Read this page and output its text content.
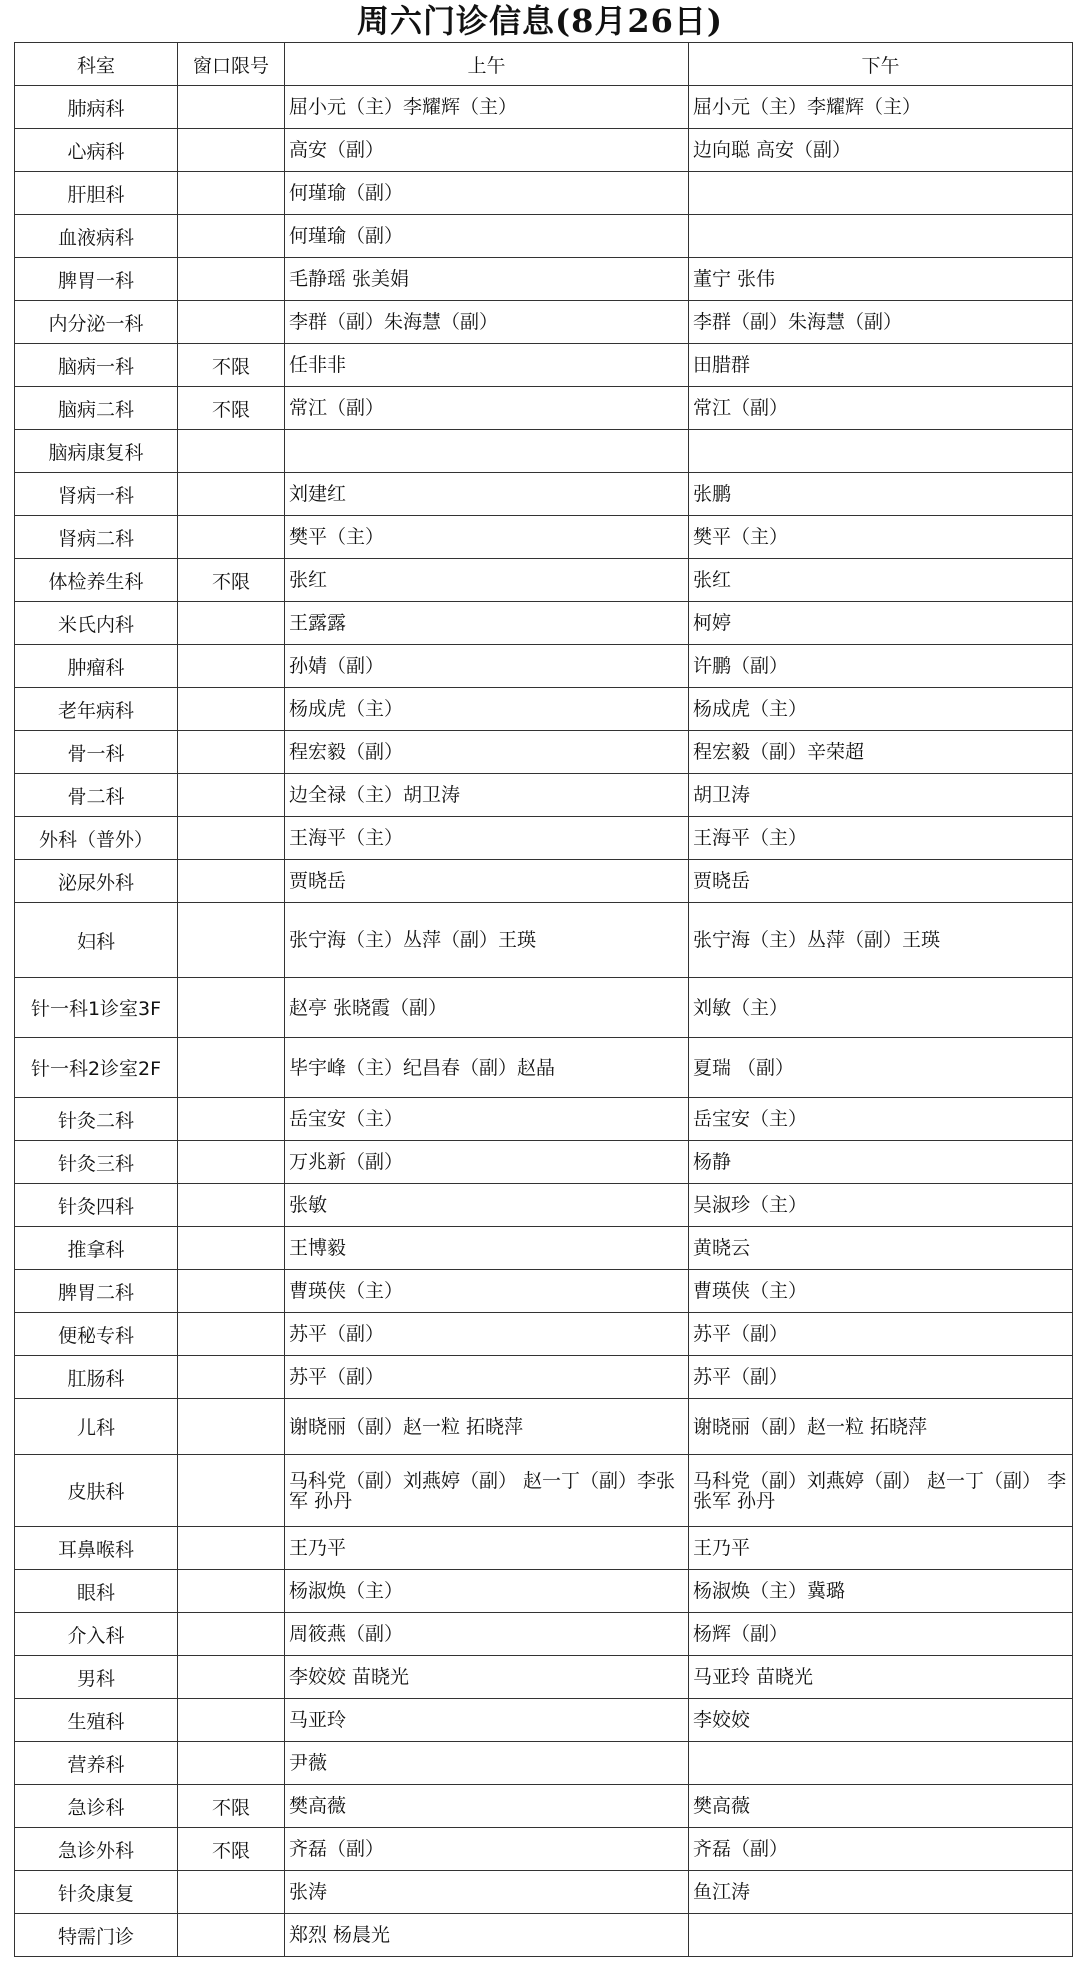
周六门诊信息(8月26日)
科室	窗口限号	上午	下午
肺病科		屈小元（主）李耀辉（主）	屈小元（主）李耀辉（主）
心病科		高安（副）	边向聪 高安（副）
肝胆科		何瑾瑜（副）	
血液病科		何瑾瑜（副）	
脾胃一科		毛静瑶 张美娟	董宁 张伟
内分泌一科		李群（副）朱海慧（副）	李群（副）朱海慧（副）
脑病一科	不限	任非非	田腊群
脑病二科	不限	常江（副）	常江（副）
脑病康复科			
肾病一科		刘建红	张鹏
肾病二科		樊平（主）	樊平（主）
体检养生科	不限	张红	张红
米氏内科		王露露	柯婷
肿瘤科		孙婧（副）	许鹏（副）
老年病科		杨成虎（主）	杨成虎（主）
骨一科		程宏毅（副）	程宏毅（副）辛荣超
骨二科		边全禄（主）胡卫涛	胡卫涛
外科（普外）		王海平（主）	王海平（主）
泌尿外科		贾晓岳	贾晓岳
妇科		张宁海（主）丛萍（副）王瑛	张宁海（主）丛萍（副）王瑛
针一科1诊室3F		赵亭 张晓霞（副）	刘敏（主）
针一科2诊室2F		毕宇峰（主）纪昌春（副）赵晶	夏瑞 （副）
针灸二科		岳宝安（主）	岳宝安（主）
针灸三科		万兆新（副）	杨静
针灸四科		张敏	吴淑珍（主）
推拿科		王博毅	黄晓云
脾胃二科		曹瑛侠（主）	曹瑛侠（主）
便秘专科		苏平（副）	苏平（副）
肛肠科		苏平（副）	苏平（副）
儿科		谢晓丽（副）赵一粒 拓晓萍	谢晓丽（副）赵一粒 拓晓萍
皮肤科		马科党（副）刘燕婷（副） 赵一丁（副）李张军 孙丹	马科党（副）刘燕婷（副） 赵一丁（副） 李张军 孙丹
耳鼻喉科		王乃平	王乃平
眼科		杨淑焕（主）	杨淑焕（主）冀璐
介入科		周筱燕（副）	杨辉（副）
男科		李姣姣 苗晓光	马亚玲 苗晓光
生殖科		马亚玲	李姣姣
营养科		尹薇	
急诊科	不限	樊高薇	樊高薇
急诊外科	不限	齐磊（副）	齐磊（副）
针灸康复		张涛	鱼江涛
特需门诊		郑烈 杨晨光	
